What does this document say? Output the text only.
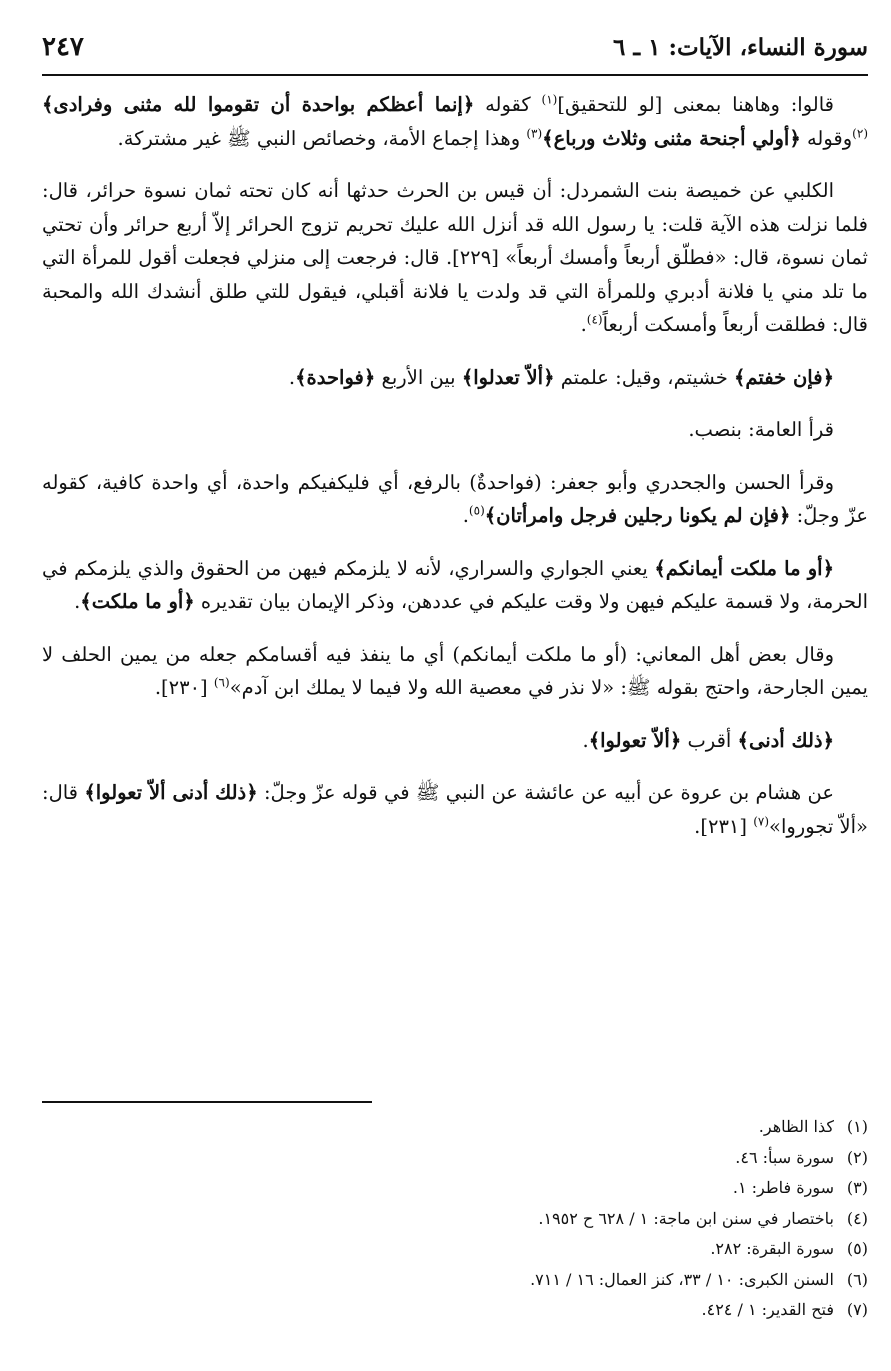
سورة النساء، الآيات: ١ ـ ٦
٢٤٧

قالوا: وهاهنا بمعنى [لو للتحقيق]$^{(١)}$ كقوله ﴿إنما أعظكم بواحدة أن تقوموا لله مثنى وفرادى﴾$^{(٢)}$وقوله ﴿أولي أجنحة مثنى وثلاث ورباع﴾$^{(٣)}$ وهذا إجماع الأمة، وخصائص النبي ﷺ غير مشتركة.

الكلبي عن خميصة بنت الشمردل: أن قيس بن الحرث حدثها أنه كان تحته ثمان نسوة حرائر، قال: فلما نزلت هذه الآية قلت: يا رسول الله قد أنزل الله عليك تحريم تزوج الحرائر إلاّ أربع حرائر وأن تحتي ثمان نسوة، قال: «فطلّق أربعاً وأمسك أربعاً» [٢٢٩]. قال: فرجعت إلى منزلي فجعلت أقول للمرأة التي ما تلد مني يا فلانة أدبري وللمرأة التي قد ولدت يا فلانة أقبلي، فيقول للتي طلق أنشدك الله والمحبة قال: فطلقت أربعاً وأمسكت أربعاً$^{(٤)}$.

﴿فإن خفتم﴾ خشيتم، وقيل: علمتم ﴿ألاّ تعدلوا﴾ بين الأربع ﴿فواحدة﴾.

قرأ العامة: بنصب.

وقرأ الحسن والجحدري وأبو جعفر: (فواحدةٌ) بالرفع، أي فليكفيكم واحدة، أي واحدة كافية، كقوله عزّ وجلّ: ﴿فإن لم يكونا رجلين فرجل وامرأتان﴾$^{(٥)}$.

﴿أو ما ملكت أيمانكم﴾ يعني الجواري والسراري، لأنه لا يلزمكم فيهن من الحقوق والذي يلزمكم في الحرمة، ولا قسمة عليكم فيهن ولا وقت عليكم في عددهن، وذكر الإيمان بيان تقديره ﴿أو ما ملكت﴾.

وقال بعض أهل المعاني: (أو ما ملكت أيمانكم) أي ما ينفذ فيه أقسامكم جعله من يمين الحلف لا يمين الجارحة، واحتج بقوله ﷺ: «لا نذر في معصية الله ولا فيما لا يملك ابن آدم»$^{(٦)}$ [٢٣٠].

﴿ذلك أدنى﴾ أقرب ﴿ألاّ تعولوا﴾.

عن هشام بن عروة عن أبيه عن عائشة عن النبي ﷺ في قوله عزّ وجلّ: ﴿ذلك أدنى ألاّ تعولوا﴾ قال: «ألاّ تجوروا»$^{(٧)}$ [٢٣١].

(١)كذا الظاهر.
(٢)سورة سبأ: ٤٦.
(٣)سورة فاطر: ١.
(٤)باختصار في سنن ابن ماجة: ١ / ٦٢٨ ح ١٩٥٢.
(٥)سورة البقرة: ٢٨٢.
(٦)السنن الكبرى: ١٠ / ٣٣، كنز العمال: ١٦ / ٧١١.
(٧)فتح القدير: ١ / ٤٢٤.
